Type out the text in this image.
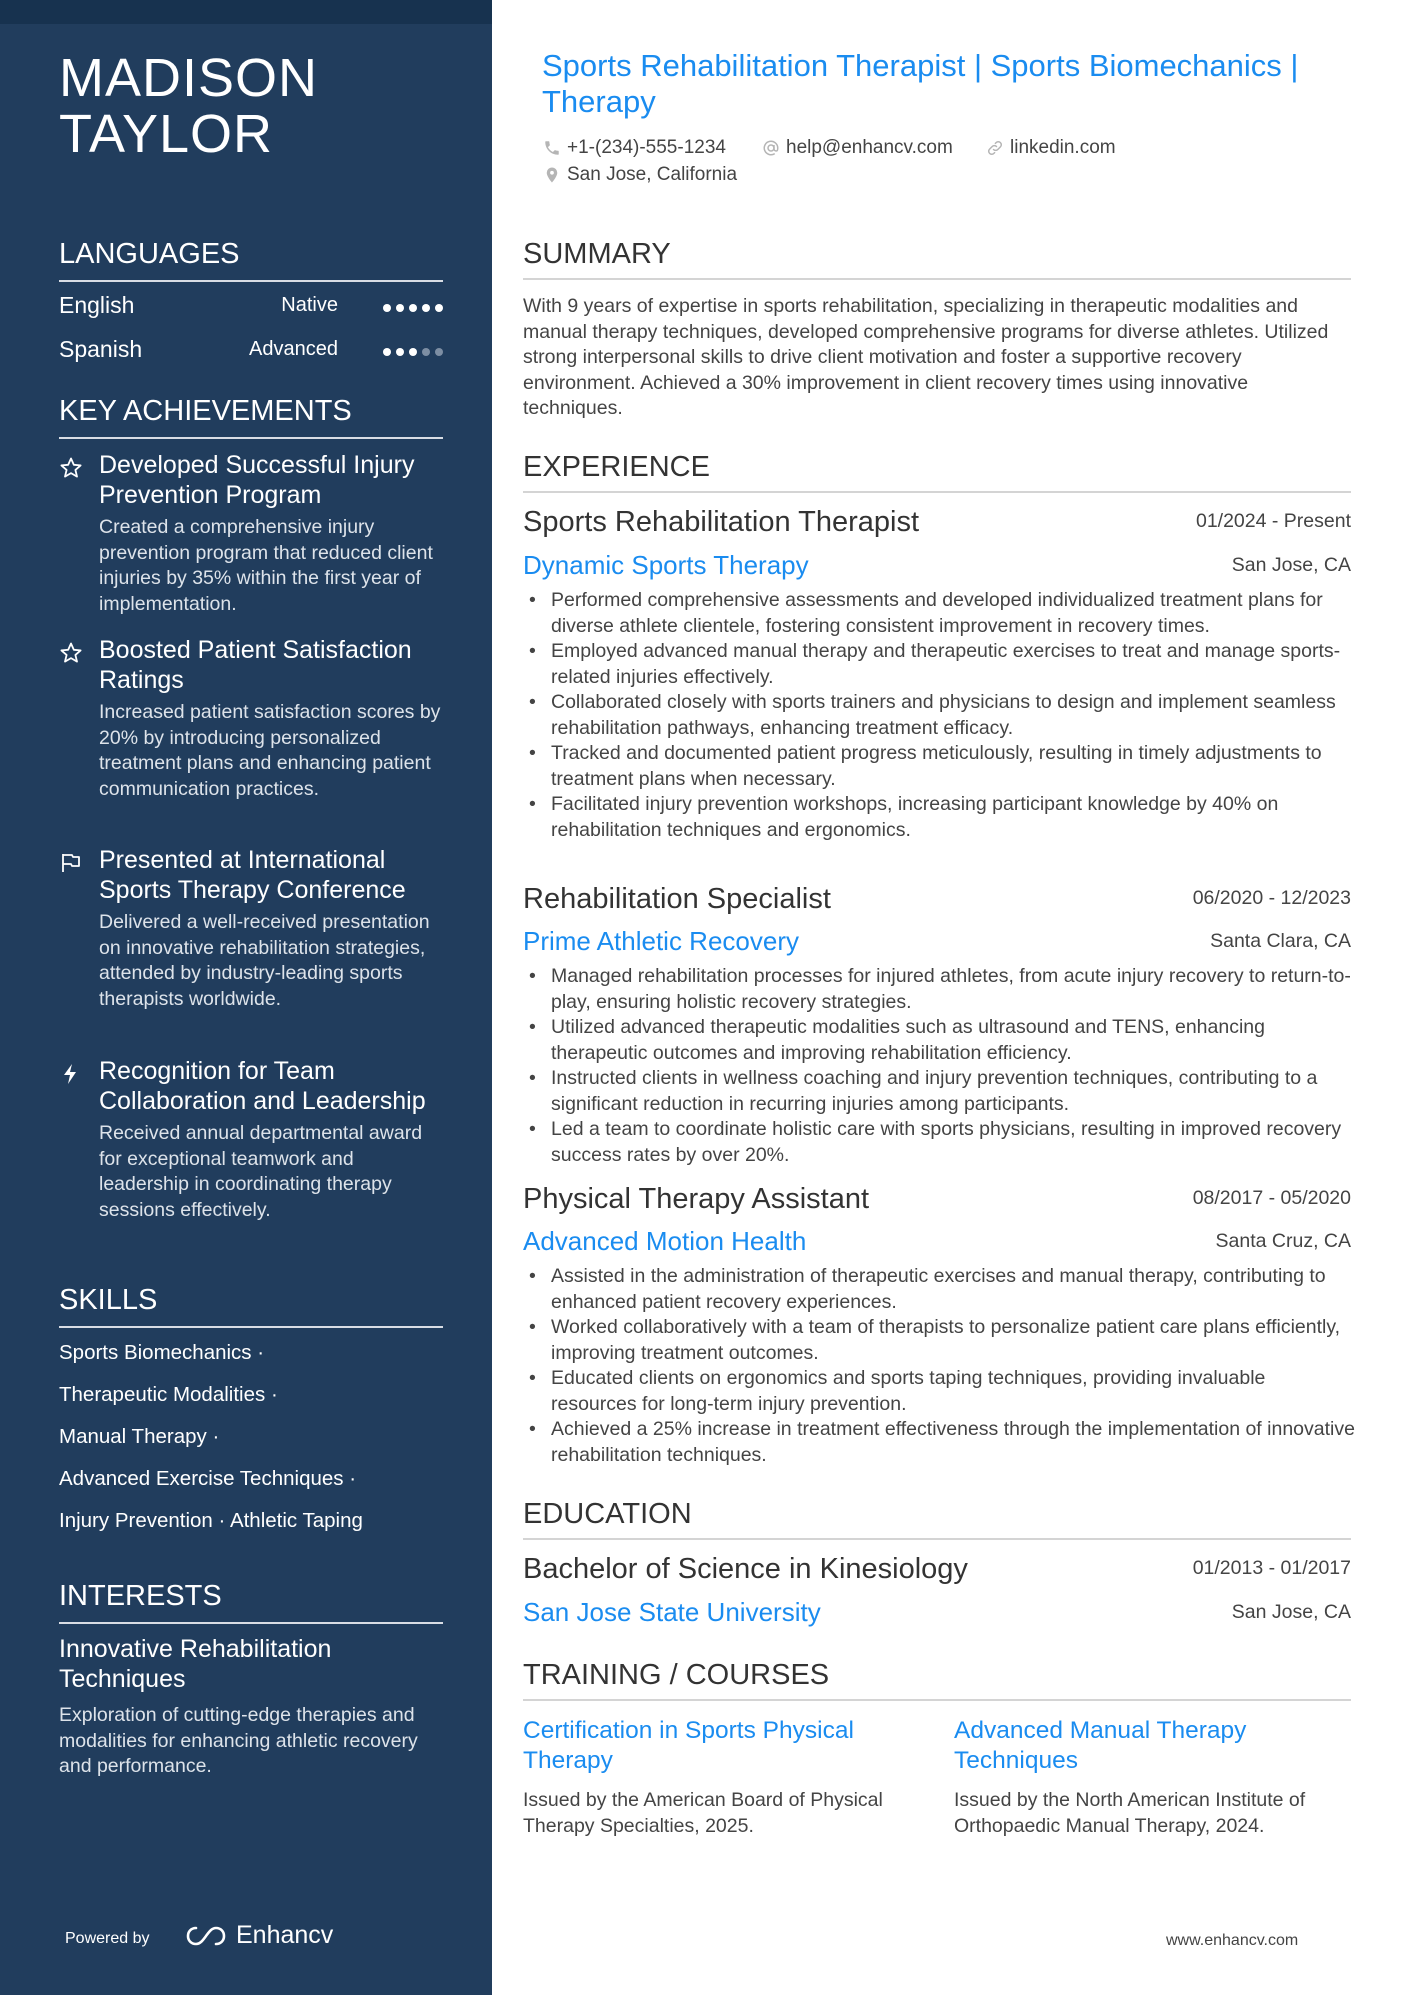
MADISON
TAYLOR
LANGUAGES
English	Native
Spanish	Advanced
KEY ACHIEVEMENTS
Developed Successful Injury Prevention Program
Created a comprehensive injury prevention program that reduced client injuries by 35% within the first year of implementation.
Boosted Patient Satisfaction Ratings
Increased patient satisfaction scores by 20% by introducing personalized treatment plans and enhancing patient communication practices.
Presented at International Sports Therapy Conference
Delivered a well-received presentation on innovative rehabilitation strategies, attended by industry-leading sports therapists worldwide.
Recognition for Team Collaboration and Leadership
Received annual departmental award for exceptional teamwork and leadership in coordinating therapy sessions effectively.
SKILLS
Sports Biomechanics ·
Therapeutic Modalities ·
Manual Therapy ·
Advanced Exercise Techniques ·
Injury Prevention · Athletic Taping
INTERESTS
Innovative Rehabilitation Techniques
Exploration of cutting-edge therapies and modalities for enhancing athletic recovery and performance.
Powered by	Enhancv
Sports Rehabilitation Therapist | Sports Biomechanics | Therapy
+1-(234)-555-1234	help@enhancv.com	linkedin.com
San Jose, California
SUMMARY
With 9 years of expertise in sports rehabilitation, specializing in therapeutic modalities and manual therapy techniques, developed comprehensive programs for diverse athletes. Utilized strong interpersonal skills to drive client motivation and foster a supportive recovery environment. Achieved a 30% improvement in client recovery times using innovative techniques.
EXPERIENCE
Sports Rehabilitation Therapist	01/2024 - Present
Dynamic Sports Therapy	San Jose, CA
• Performed comprehensive assessments and developed individualized treatment plans for diverse athlete clientele, fostering consistent improvement in recovery times.
• Employed advanced manual therapy and therapeutic exercises to treat and manage sports-related injuries effectively.
• Collaborated closely with sports trainers and physicians to design and implement seamless rehabilitation pathways, enhancing treatment efficacy.
• Tracked and documented patient progress meticulously, resulting in timely adjustments to treatment plans when necessary.
• Facilitated injury prevention workshops, increasing participant knowledge by 40% on rehabilitation techniques and ergonomics.
Rehabilitation Specialist	06/2020 - 12/2023
Prime Athletic Recovery	Santa Clara, CA
• Managed rehabilitation processes for injured athletes, from acute injury recovery to return-to-play, ensuring holistic recovery strategies.
• Utilized advanced therapeutic modalities such as ultrasound and TENS, enhancing therapeutic outcomes and improving rehabilitation efficiency.
• Instructed clients in wellness coaching and injury prevention techniques, contributing to a significant reduction in recurring injuries among participants.
• Led a team to coordinate holistic care with sports physicians, resulting in improved recovery success rates by over 20%.
Physical Therapy Assistant	08/2017 - 05/2020
Advanced Motion Health	Santa Cruz, CA
• Assisted in the administration of therapeutic exercises and manual therapy, contributing to enhanced patient recovery experiences.
• Worked collaboratively with a team of therapists to personalize patient care plans efficiently, improving treatment outcomes.
• Educated clients on ergonomics and sports taping techniques, providing invaluable resources for long-term injury prevention.
• Achieved a 25% increase in treatment effectiveness through the implementation of innovative rehabilitation techniques.
EDUCATION
Bachelor of Science in Kinesiology	01/2013 - 01/2017
San Jose State University	San Jose, CA
TRAINING / COURSES
Certification in Sports Physical Therapy
Issued by the American Board of Physical Therapy Specialties, 2025.
Advanced Manual Therapy Techniques
Issued by the North American Institute of Orthopaedic Manual Therapy, 2024.
www.enhancv.com
